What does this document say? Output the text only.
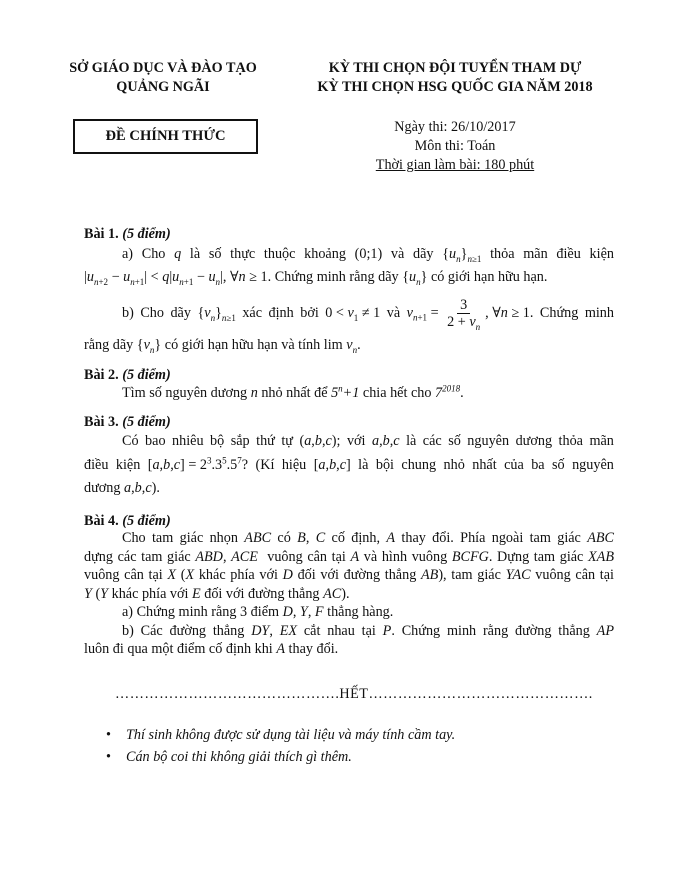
SỞ GIÁO DỤC VÀ ĐÀO TẠO
QUẢNG NGÃI
KỲ THI CHỌN ĐỘI TUYỂN THAM DỰ
KỲ THI CHỌN HSG QUỐC GIA NĂM 2018
ĐỀ CHÍNH THỨC
Ngày thi: 26/10/2017
Môn thi: Toán
Thời gian làm bài: 180 phút
Bài 1. (5 điểm)
a) Cho q là số thực thuộc khoảng (0;1) và dãy $\{u_n\}_{n\ge 1}$ thỏa mãn điều kiện
$|u_{n+2} - u_{n+1}| < q|u_{n+1} - u_n|$, ∀n ≥ 1. Chứng minh rằng dãy $\{u_n\}$ có giới hạn hữu hạn.
b) Cho dãy $\{v_n\}_{n\ge 1}$ xác định bởi $0 < v_1 \ne 1$ và $v_{n+1} = \frac{3}{2 + v_n}$ , ∀n ≥ 1. Chứng minh
rằng dãy $\{v_n\}$ có giới hạn hữu hạn và tính $\lim v_n$.
Bài 2. (5 điểm)
Tìm số nguyên dương n nhỏ nhất để $5^n+1$ chia hết cho $7^{2018}$.
Bài 3. (5 điểm)
Có bao nhiêu bộ sắp thứ tự (a,b,c); với a,b,c là các số nguyên dương thỏa mãn
điều kiện $[a,b,c] = 2^3.3^5.5^7$? (Kí hiệu [a,b,c] là bội chung nhỏ nhất của ba số nguyên
dương a,b,c).
Bài 4. (5 điểm)
Cho tam giác nhọn ABC có B, C cố định, A thay đổi. Phía ngoài tam giác ABC
dựng các tam giác ABD, ACE  vuông cân tại A và hình vuông BCFG. Dựng tam giác XAB
vuông cân tại X (X khác phía với D đối với đường thẳng AB), tam giác YAC vuông cân tại
Y (Y khác phía với E đối với đường thẳng AC).
a) Chứng minh rằng 3 điểm D, Y, F thẳng hàng.
b) Các đường thẳng DY, EX cắt nhau tại P. Chứng minh rằng đường thẳng AP
luôn đi qua một điểm cố định khi A thay đổi.
……………………………………….HẾT……………………………………….
• Thí sinh không được sử dụng tài liệu và máy tính cầm tay.
• Cán bộ coi thi không giải thích gì thêm.
